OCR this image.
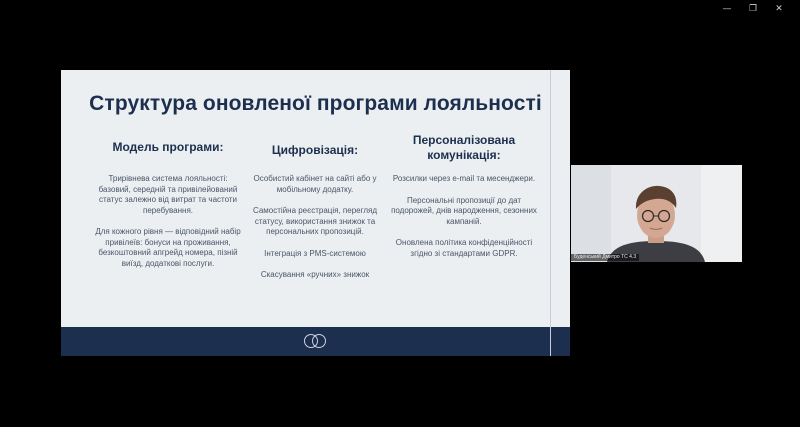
—	❐	✕
Структура оновленої програми лояльності
Модель програми:

Трирівнева система лояльності: базовий, середній та привілейований статус залежно від витрат та частоти перебування.

Для кожного рівня — відповідний набір привілеїв: бонуси на проживання, безкоштовний апгрейд номера, пізній виїзд, додаткові послуги.

Цифровізація:

Особистий кабінет на сайті або у мобільному додатку.

Самостійна реєстрація, перегляд статусу, використання знижок та персональних пропозицій.

Інтеграція з PMS-системою

Скасування «ручних» знижок

Персоналізована комунікація:

Розсилки через e-mail та месенджери.

Персональні пропозиції до дат подорожей, днів народження, сезонних кампаній.

Оновлена політика конфіденційності згідно зі стандартами GDPR.	Буденський Дмитро ТС 4.3
